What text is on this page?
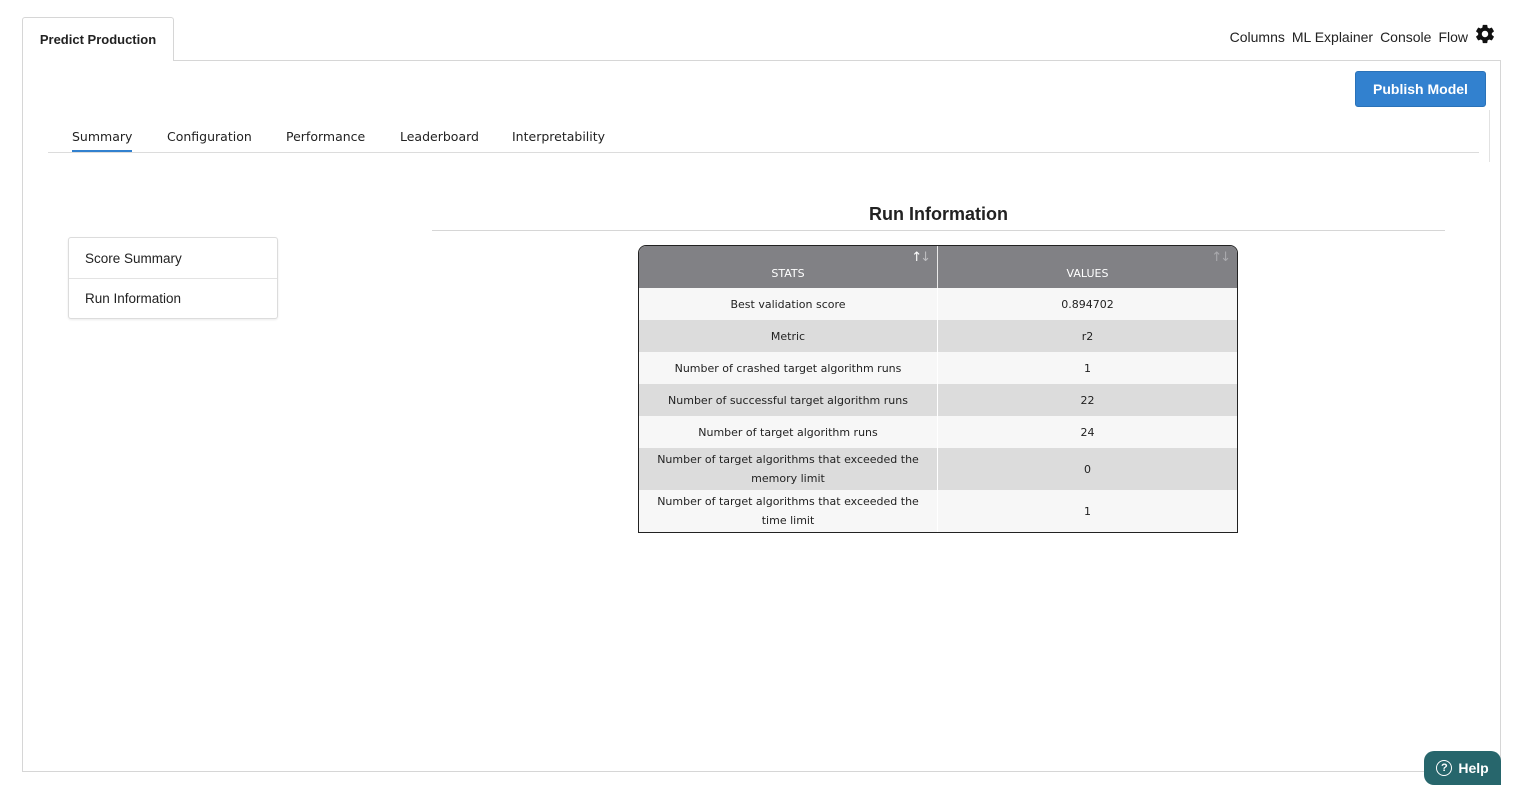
Predict Production	Columns ML Explainer Console Flow
Publish Model
Summary	Configuration	Performance	Leaderboard	Interpretability
Score Summary
Run Information
Run Information
STATS
↑↓	VALUES
↑↓

Best validation score	0.894702
Metric	r2
Number of crashed target algorithm runs	1
Number of successful target algorithm runs	22
Number of target algorithm runs	24
Number of target algorithms that exceeded the memory limit	0
Number of target algorithms that exceeded the time limit	1
? Help
